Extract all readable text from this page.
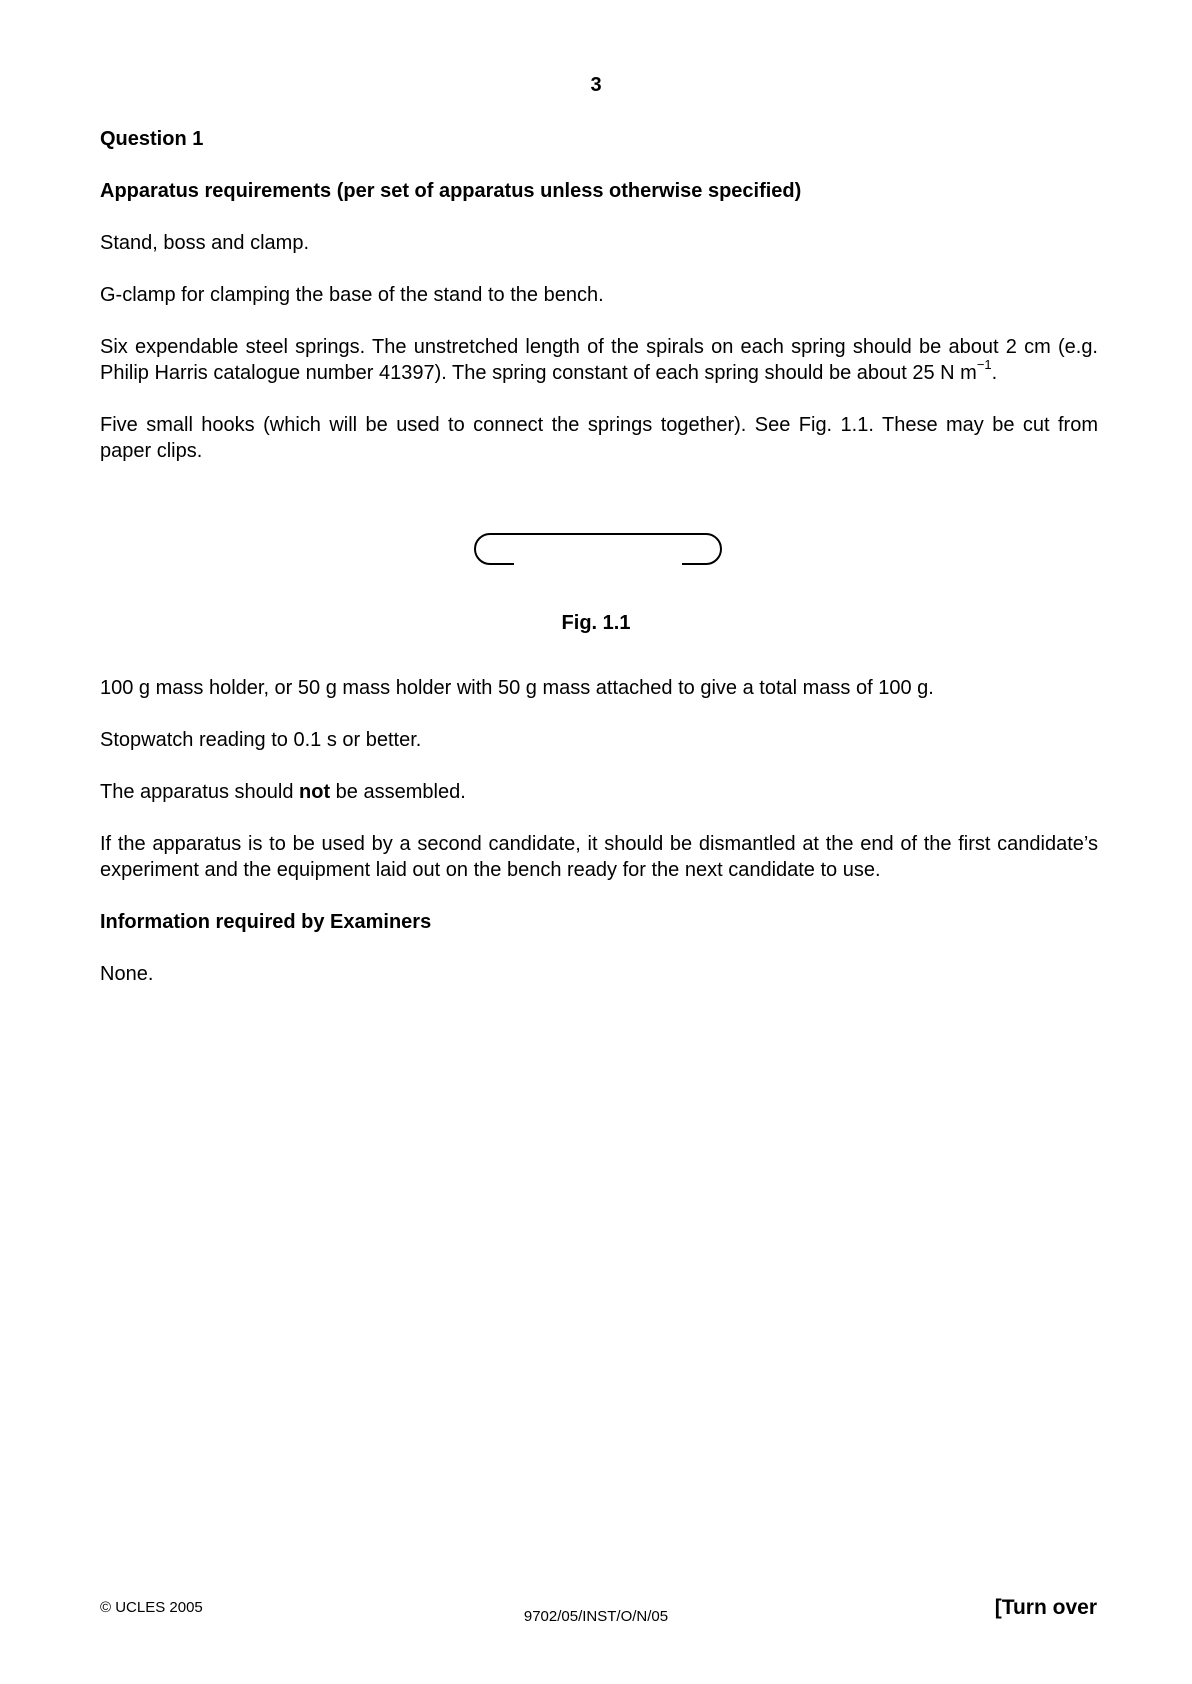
3
Question 1
Apparatus requirements (per set of apparatus unless otherwise specified)

Stand, boss and clamp.

G-clamp for clamping the base of the stand to the bench.

Six expendable steel springs. The unstretched length of the spirals on each spring should be about 2 cm (e.g. Philip Harris catalogue number 41397). The spring constant of each spring should be about 25 N $m^{-1}$.

Five small hooks (which will be used to connect the springs together). See Fig. 1.1. These may be cut from paper clips.

Fig. 1.1

100 g mass holder, or 50 g mass holder with 50 g mass attached to give a total mass of 100 g.

Stopwatch reading to 0.1 s or better.

The apparatus should not be assembled.

If the apparatus is to be used by a second candidate, it should be dismantled at the end of the first candidate’s experiment and the equipment laid out on the bench ready for the next candidate to use.

Information required by Examiners

None.

© UCLES 2005
9702/05/INST/O/N/05	[Turn over
